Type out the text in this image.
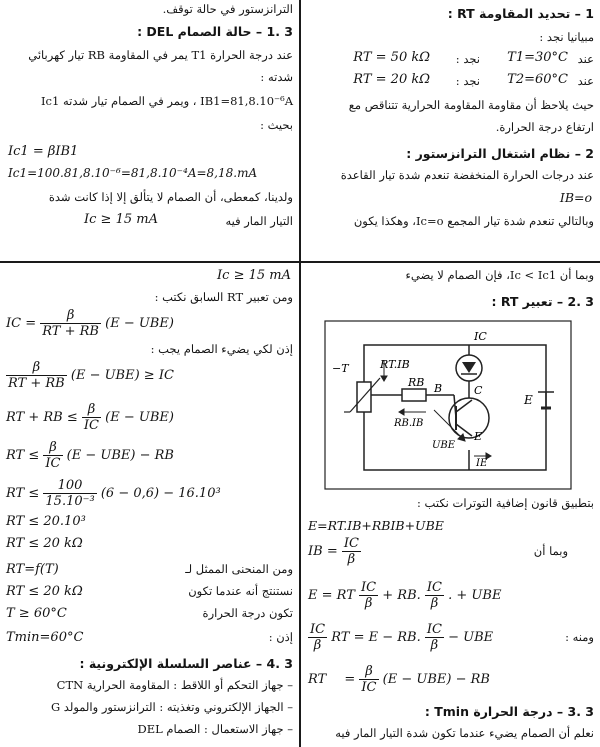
الترانزستور في حالة توقف.
3 .1 – حالة الصمام DEL :
عند درجة الحرارة T1 يمر في المقاومة RB تيار كهربائي
شدته :
IB1=81,8.10⁻⁶A ، ويمر في الصمام تيار شدته Ic1
بحيث :
Ic1 = βIB1
Ic1=100.81,8.10⁻⁶=81,8.10⁻⁴A=8,18.mA
ولدينا، كمعطى، أن الصمام لا يتألق إلا إذا كانت شدة
التيار المار فيه
Ic ≥ 15 mA
1 – تحديد المقاومة RT :
مبيانيا نجد :
عند
T1=30°C
نجد :
RT = 50 kΩ
عند
T2=60°C
نجد :
RT = 20 kΩ
حيث يلاحظ أن مقاومة المقاومة الحرارية تتناقص مع
ارتفاع درجة الحرارة.
2 – نظام اشتغال الترانزستور :
عند درجات الحرارة المنخفضة تنعدم شدة تيار القاعدة
IB=o
وبالتالي تنعدم شدة تيار المجمع Ic=o، وهكذا يكون
Ic ≥ 15 mA
ومن تعبير RT السابق نكتب :
IC = $\frac{\beta}{RT + RB} (E - UBE)$
إذن لكي يضيء الصمام يجب :
$\frac{\beta}{RT + RB} (E - UBE)$ ≥ IC
RT + RB ≤ $\frac{\beta}{IC} (E - UBE)$
RT ≤ $\frac{\beta}{IC} (E - UBE)$ − RB
RT ≤ $\frac{100}{\text{15.10⁻³}} (6 - 0,6) - 16.10^3$
RT ≤ 20.10³
RT ≤ 20 kΩ
RT=f(T)	ومن المنحنى الممثل لـ
RT ≤ 20 kΩ	نستنتج أنه عندما تكون
T ≥ 60°C	تكون درجة الحرارة
Tmin=60°C	إذن :
3 .4 – عناصر السلسلة الإلكترونية :
– جهاز التحكم أو اللاقط : المقاومة الحرارية CTN
– الجهاز الإلكتروني وتغذيته : الترانزستور والمولد G
– جهاز الاستعمال : الصمام DEL
وبما أن Ic < Ic1، فإن الصمام لا يضيء
3 .2 – تعبير RT :
−T	RT.IB
IC
C
E
RB B
RB.IB
UBE
E
IE
بتطبيق قانون إضافية التوترات نكتب :
E=RT.IB+RBIB+UBE
وبما أن
IB = $\frac{IC}{\beta}$
E = RT $\frac{IC}{\beta}$ + RB. $\frac{IC}{\beta}$ . + UBE
ومنه :
$\frac{IC}{\beta}$ RT = E − RB. $\frac{IC}{\beta}$ − UBE
RT = $\frac{\beta}{IC} (E - UBE)$ − RB
3 .3 – درجة الحرارة Tmin :
نعلم أن الصمام يضيء عندما تكون شدة التيار المار فيه
